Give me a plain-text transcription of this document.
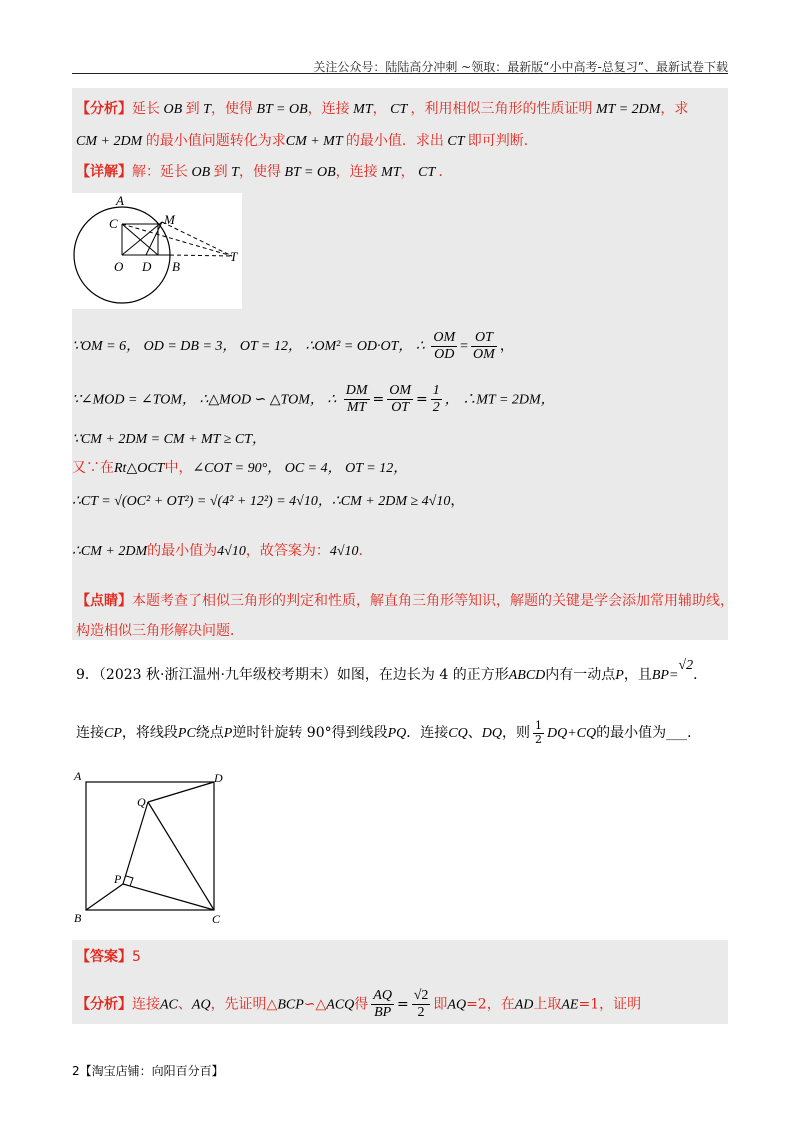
关注公众号：陆陆高分冲刺 ~领取：最新版“小中高考-总复习”、最新试卷下载
【分析】延长 OB 到 T，使得 BT = OB，连接 MT， CT ，利用相似三角形的性质证明 MT = 2DM，求
CM + 2DM 的最小值问题转化为求CM + MT 的最小值．求出 CT 即可判断．
【详解】解：延长 OB 到 T，使得 BT = OB，连接 MT， CT ．
A
C	M
O D B
T
∵OM = 6， OD = DB = 3， OT = 12， ∴OM² = OD·OT， ∴ $\frac{OM}{OD} = \frac{OT}{OM}$ ，
∵∠MOD = ∠TOM， ∴△MOD ∽ △TOM， ∴ $\frac{DM}{MT} = \frac{OM}{OT} = \frac{1}{2}$ ， ∴MT = 2DM，
∵CM + 2DM = CM + MT ≥ CT，
又∵在Rt△OCT中，∠COT = 90°， OC = 4， OT = 12，
∴CT = √(OC² + OT²) = √(4² + 12²) = 4√10，∴CM + 2DM ≥ 4√10，
∴CM + 2DM的最小值为4√10，故答案为：4√10．
【点睛】本题考查了相似三角形的判定和性质，解直角三角形等知识，解题的关键是学会添加常用辅助线，
构造相似三角形解决问题．
9．（2023 秋·浙江温州·九年级校考期末）如图，在边长为 4 的正方形ABCD内有一动点P，且BP=√2．
连接CP，将线段PC绕点P逆时针旋转 90°得到线段PQ．连接CQ、DQ，则 $\frac{1}{2} DQ+CQ$的最小值为___．
A	D
Q
P
B	C
【答案】5
【分析】连接AC、AQ，先证明△BCP∽△ACQ得 $\frac{AQ}{BP} = \frac{√2}{2}$ 即AQ=2，在AD上取AE=1，证明
2【淘宝店铺：向阳百分百】
